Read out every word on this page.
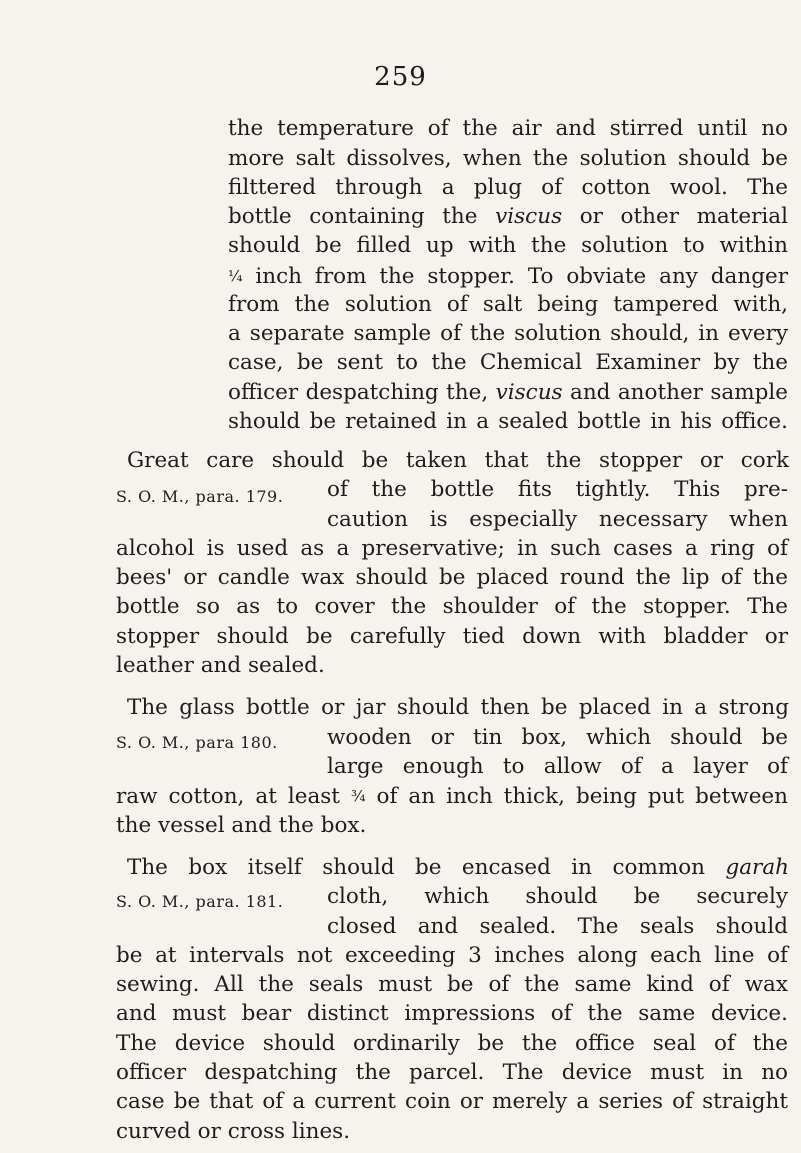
259
the temperature of the air and stirred until no
more salt dissolves, when the solution should be
filttered through a plug of cotton wool. The
bottle containing the viscus or other material
should be filled up with the solution to within
¼ inch from the stopper. To obviate any danger
from the solution of salt being tampered with,
a separate sample of the solution should, in every
case, be sent to the Chemical Examiner by the
officer despatching the, viscus and another sample
should be retained in a sealed bottle in his office.
Great care should be taken that the stopper or cork
of the bottle fits tightly. This pre-
caution is especially necessary when
alcohol is used as a preservative; in such cases a ring of
bees' or candle wax should be placed round the lip of the
bottle so as to cover the shoulder of the stopper. The
stopper should be carefully tied down with bladder or
leather and sealed.
S. O. M., para. 179.
The glass bottle or jar should then be placed in a strong
wooden or tin box, which should be
large enough to allow of a layer of
raw cotton, at least ¾ of an inch thick, being put between
the vessel and the box.
S. O. M., para 180.
The box itself should be encased in common garah
cloth, which should be securely
closed and sealed. The seals should
be at intervals not exceeding 3 inches along each line of
sewing. All the seals must be of the same kind of wax
and must bear distinct impressions of the same device.
The device should ordinarily be the office seal of the
officer despatching the parcel. The device must in no
case be that of a current coin or merely a series of straight
curved or cross lines.
S. O. M., para. 181.
